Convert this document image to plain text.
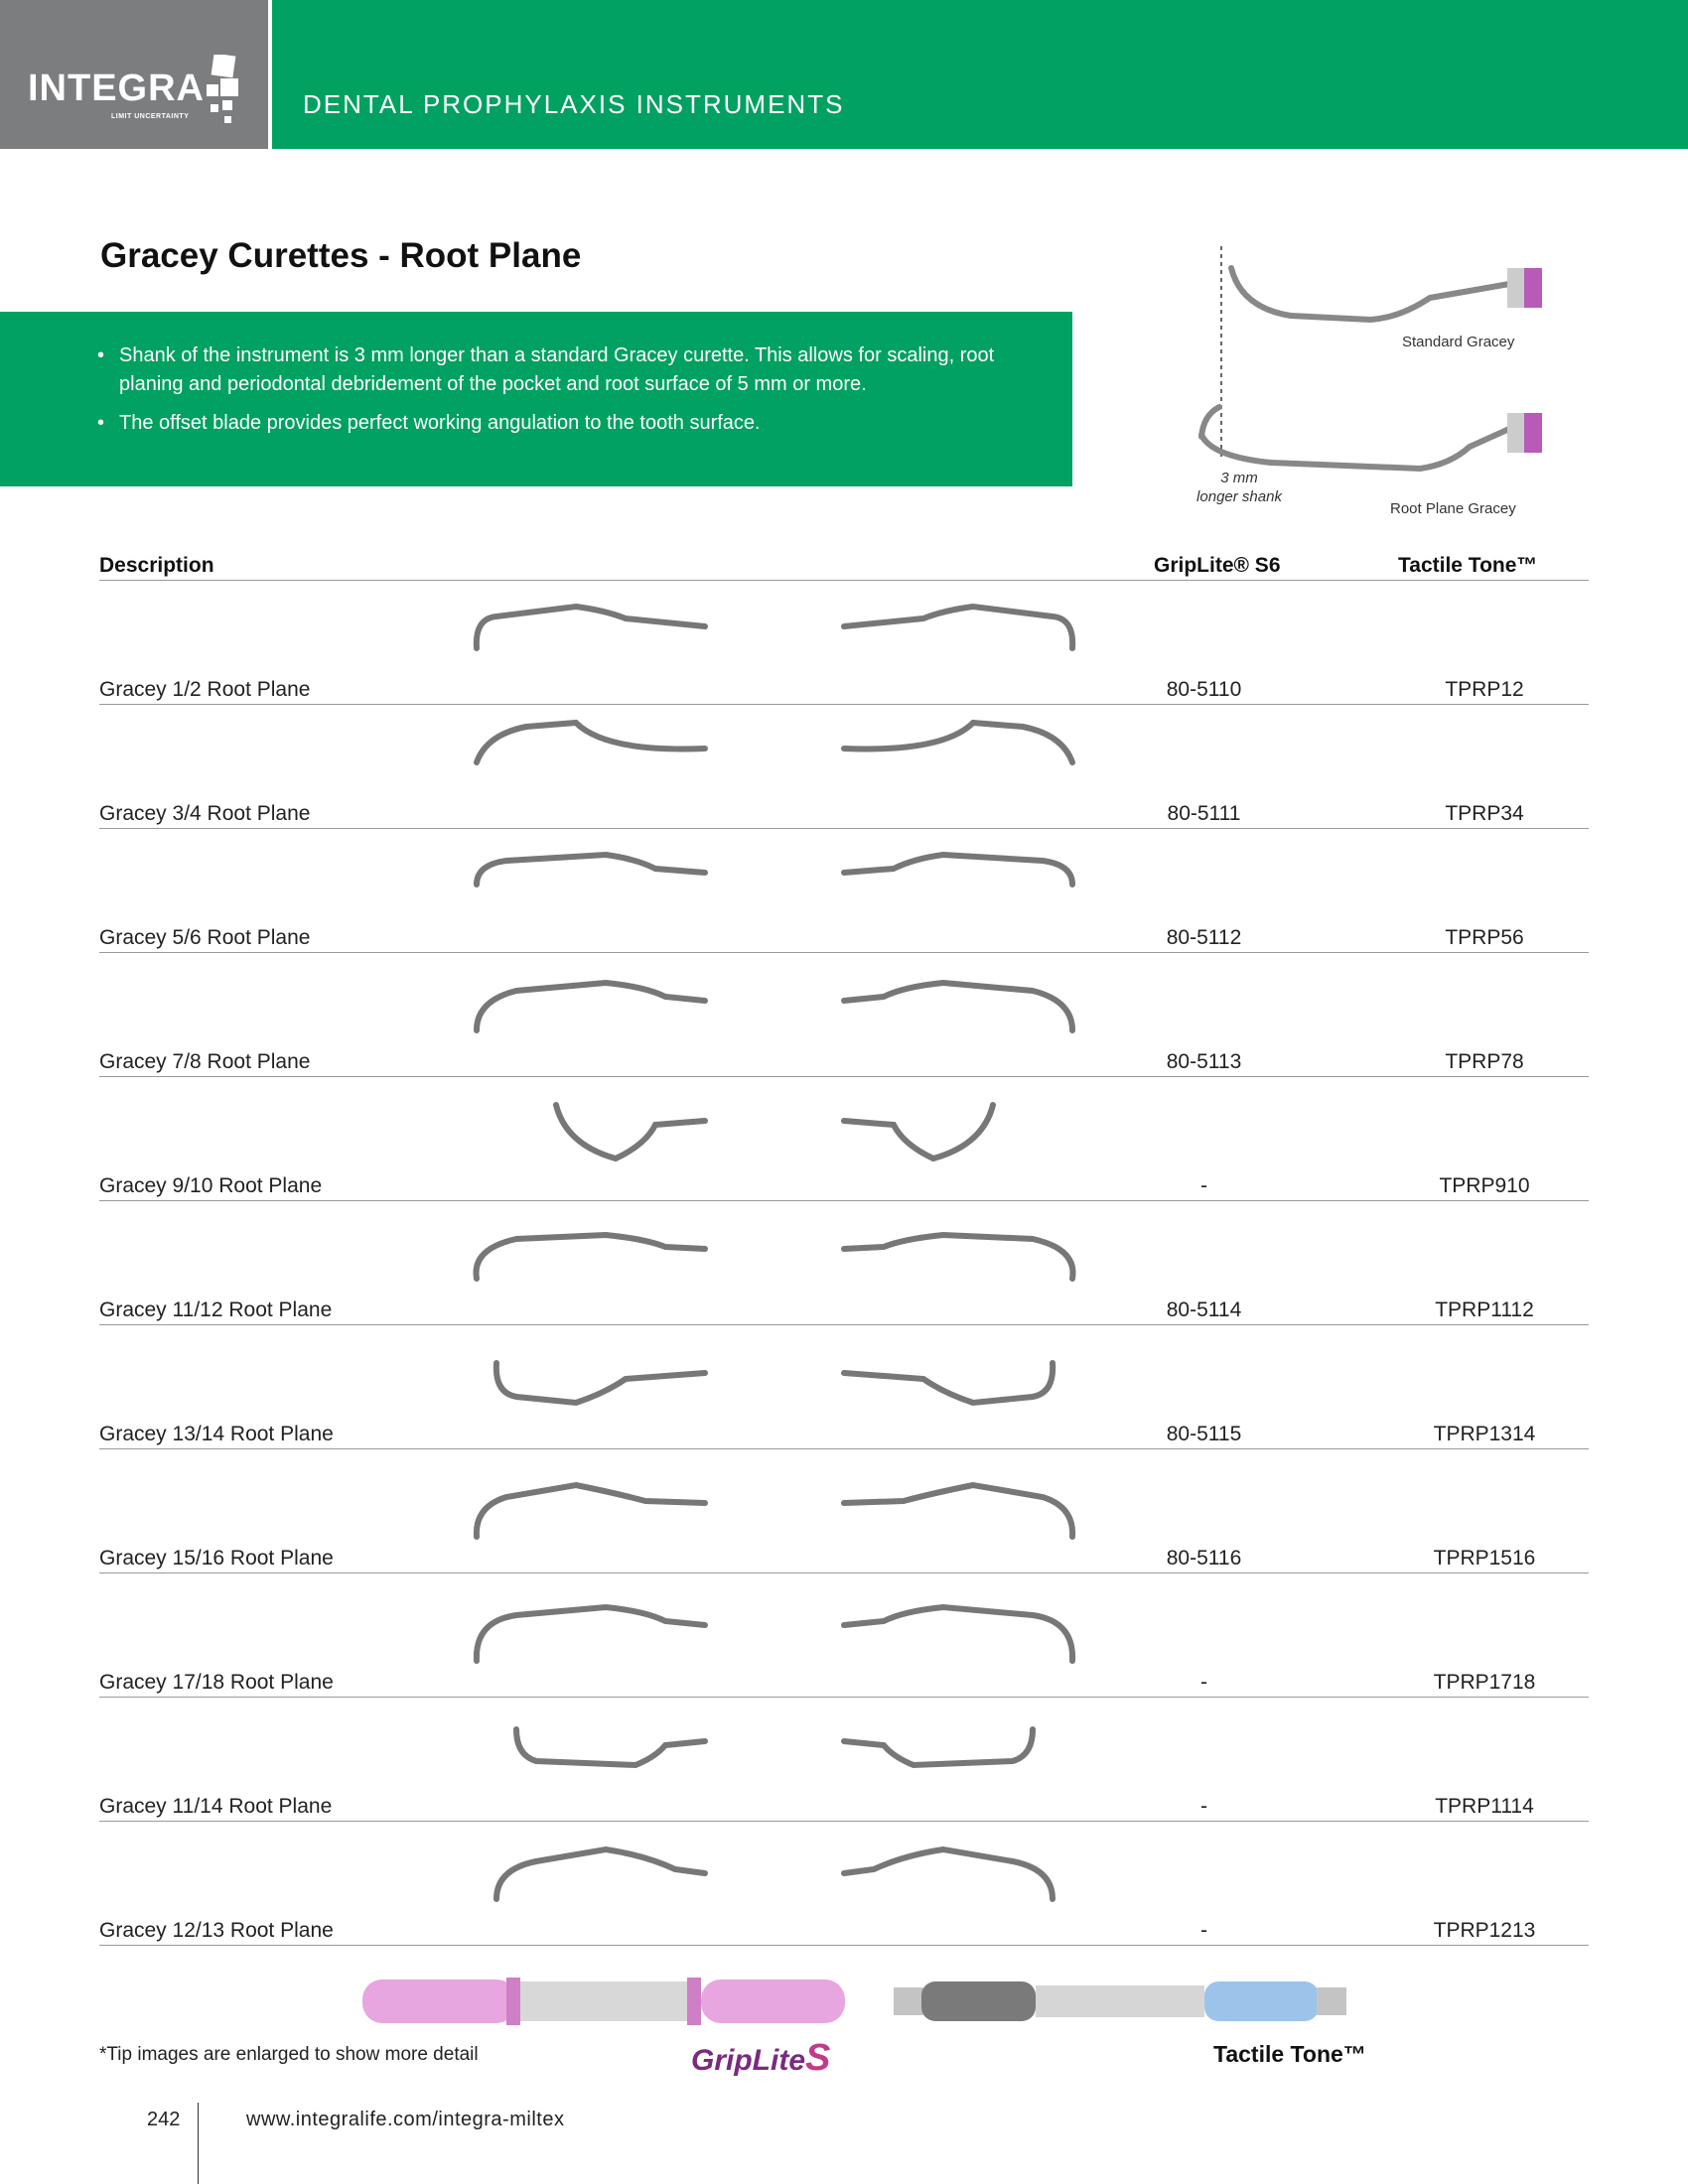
INTEGRA
LIMIT UNCERTAINTY	DENTAL PROPHYLAXIS INSTRUMENTS
Gracey Curettes - Root Plane
• Shank of the instrument is 3 mm longer than a standard Gracey curette. This allows for scaling, root planing and periodontal debridement of the pocket and root surface of 5 mm or more.
• The offset blade provides perfect working angulation to the tooth surface.
Standard Gracey
3 mm
longer shank
Root Plane Gracey
Description	GripLite® S6	Tactile Tone™
Gracey 1/2 Root Plane	80-5110	TPRP12
Gracey 3/4 Root Plane	80-5111	TPRP34
Gracey 5/6 Root Plane	80-5112	TPRP56
Gracey 7/8 Root Plane	80-5113	TPRP78
Gracey 9/10 Root Plane	-	TPRP910
Gracey 11/12 Root Plane	80-5114	TPRP1112
Gracey 13/14 Root Plane	80-5115	TPRP1314
Gracey 15/16 Root Plane	80-5116	TPRP1516
Gracey 17/18 Root Plane	-	TPRP1718
Gracey 11/14 Root Plane	-	TPRP1114
Gracey 12/13 Root Plane	-	TPRP1213
*Tip images are enlarged to show more detail	GripLiteS	Tactile Tone™
242	www.integralife.com/integra-miltex
